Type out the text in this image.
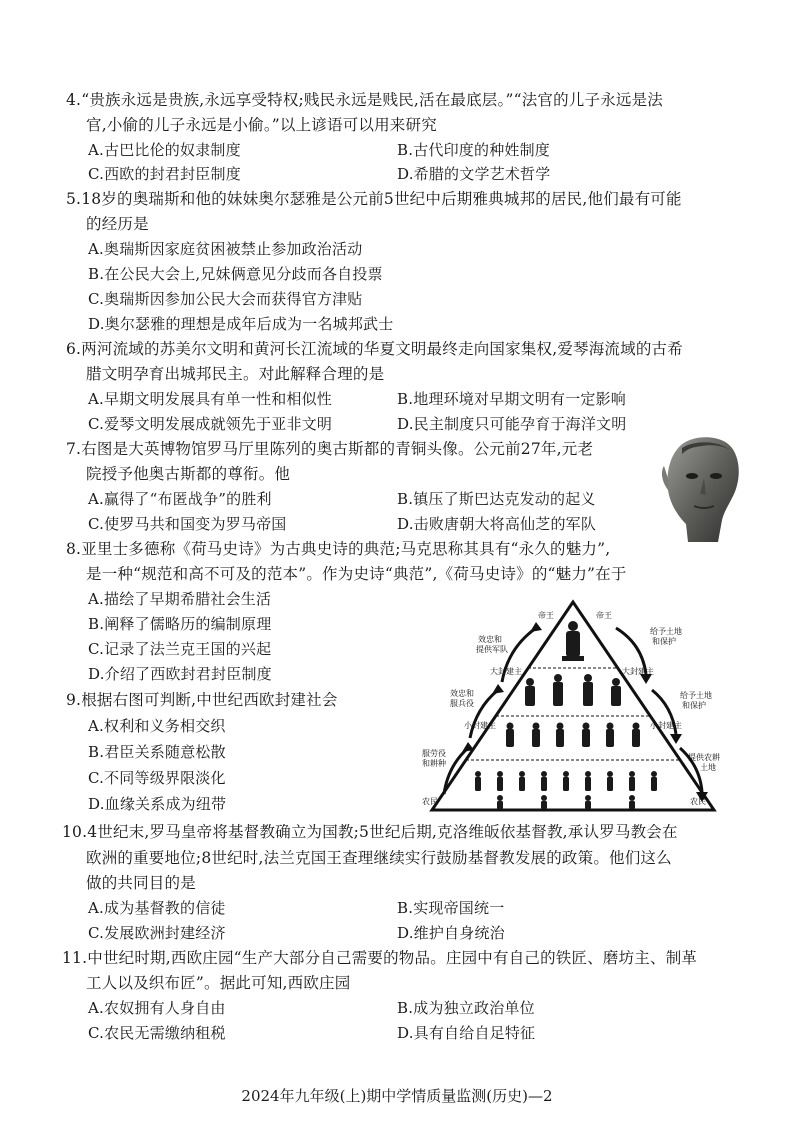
4.“贵族永远是贵族,永远享受特权;贱民永远是贱民,活在最底层。”“法官的儿子永远是法
官,小偷的儿子永远是小偷。”以上谚语可以用来研究
A.古巴比伦的奴隶制度	B.古代印度的种姓制度
C.西欧的封君封臣制度	D.希腊的文学艺术哲学
5.18岁的奥瑞斯和他的妹妹奥尔瑟雅是公元前5世纪中后期雅典城邦的居民,他们最有可能
的经历是
A.奥瑞斯因家庭贫困被禁止参加政治活动
B.在公民大会上,兄妹俩意见分歧而各自投票
C.奥瑞斯因参加公民大会而获得官方津贴
D.奥尔瑟雅的理想是成年后成为一名城邦武士
6.两河流域的苏美尔文明和黄河长江流域的华夏文明最终走向国家集权,爱琴海流域的古希
腊文明孕育出城邦民主。对此解释合理的是
A.早期文明发展具有单一性和相似性	B.地理环境对早期文明有一定影响
C.爱琴文明发展成就领先于亚非文明	D.民主制度只可能孕育于海洋文明
7.右图是大英博物馆罗马厅里陈列的奥古斯都的青铜头像。公元前27年,元老
院授予他奥古斯都的尊衔。他
A.赢得了“布匿战争”的胜利	B.镇压了斯巴达克发动的起义
C.使罗马共和国变为罗马帝国	D.击败唐朝大将高仙芝的军队
8.亚里士多德称《荷马史诗》为古典史诗的典范;马克思称其具有“永久的魅力”,
是一种“规范和高不可及的范本”。作为史诗“典范”,《荷马史诗》的“魅力”在于
A.描绘了早期希腊社会生活
B.阐释了儒略历的编制原理
C.记录了法兰克王国的兴起
D.介绍了西欧封君封臣制度
9.根据右图可判断,中世纪西欧封建社会
A.权利和义务相交织
B.君臣关系随意松散
C.不同等级界限淡化
D.血缘关系成为纽带
帝王	帝王
大封建主	大封建主
小封建主	小封建主
农民	农民
效忠和
提供军队
效忠和
服兵役
服劳役
和耕种
给予土地
和保护
给予土地
和保护
提供农耕
土地
10.4世纪末,罗马皇帝将基督教确立为国教;5世纪后期,克洛维皈依基督教,承认罗马教会在
欧洲的重要地位;8世纪时,法兰克国王查理继续实行鼓励基督教发展的政策。他们这么
做的共同目的是
A.成为基督教的信徒	B.实现帝国统一
C.发展欧洲封建经济	D.维护自身统治
11.中世纪时期,西欧庄园“生产大部分自己需要的物品。庄园中有自己的铁匠、磨坊主、制革
工人以及织布匠”。据此可知,西欧庄园
A.农奴拥有人身自由	B.成为独立政治单位
C.农民无需缴纳租税	D.具有自给自足特征
2024年九年级(上)期中学情质量监测(历史)—2
